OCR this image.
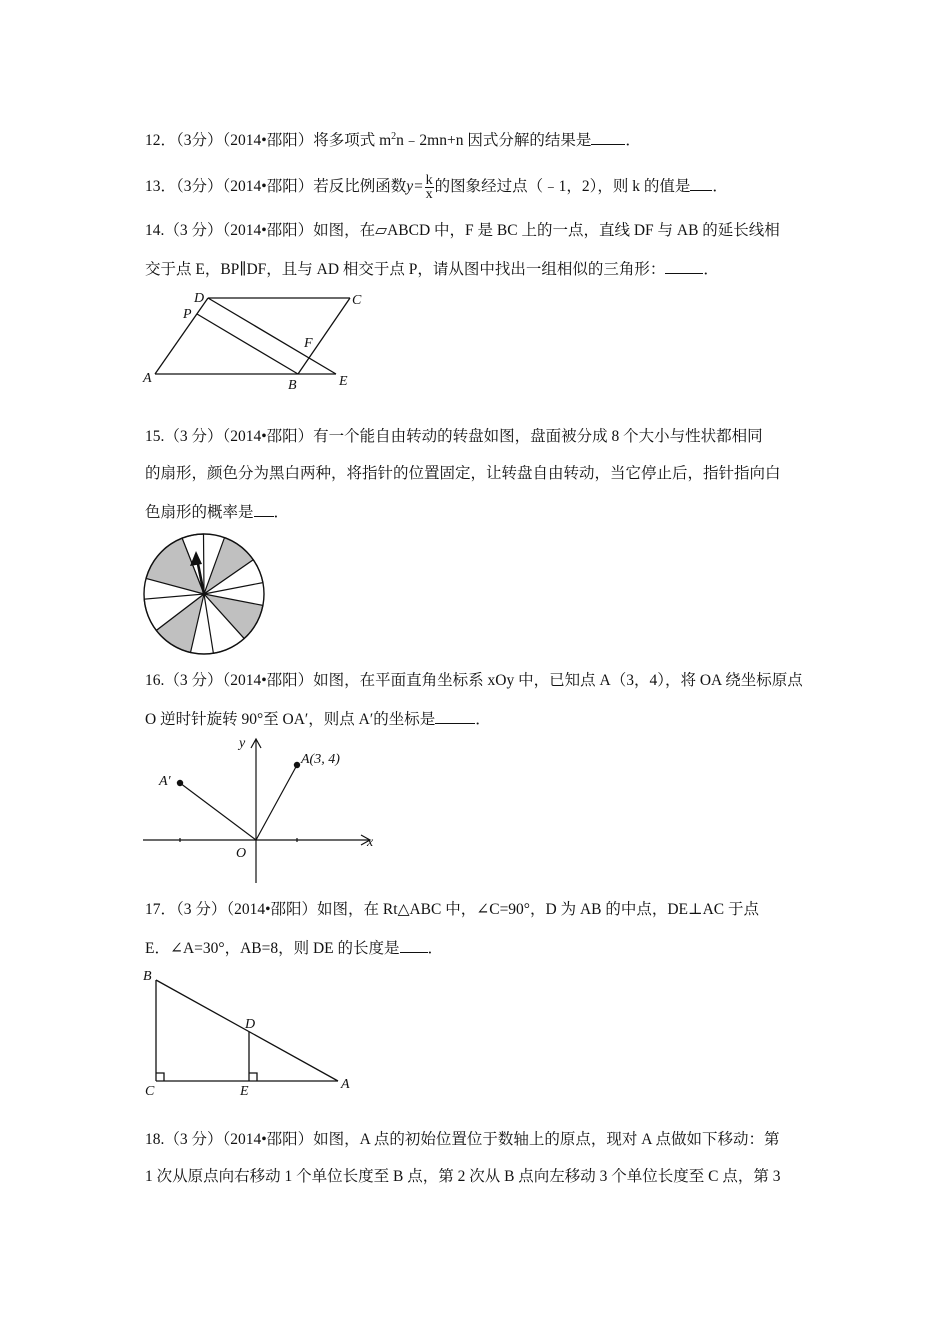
12．（3分）（2014•邵阳）将多项式 $m^2n﹣2mn+n$ 因式分解的结果是 ．
13．（3分）（2014•邵阳）若反比例函数$y= \frac{k}{x}$ 的图象经过点（﹣1，2），则 k 的值是 ．
14.（3 分）（2014•邵阳）如图，在▱ABCD 中，F 是 BC 上的一点，直线 DF 与 AB 的延长线相
交于点 E，BP∥DF，且与 AD 相交于点 P，请从图中找出一组相似的三角形： ．
D	C
P
F
A	B	E
15.（3 分）（2014•邵阳）有一个能自由转动的转盘如图，盘面被分成 8 个大小与性状都相同
的扇形，颜色分为黑白两种，将指针的位置固定，让转盘自由转动，当它停止后，指针指向白
色扇形的概率是 ．
16.（3 分）（2014•邵阳）如图，在平面直角坐标系 xOy 中，已知点 A（3，4），将 OA 绕坐标原点
O 逆时针旋转 90°至 OA′，则点 A′的坐标是	．
y
x
O
A(3, 4)
A′
17．（3 分）（2014•邵阳）如图，在 Rt△ABC 中，∠C=90°，D 为 AB 的中点，DE⊥AC 于点
E．∠A=30°，AB=8，则 DE 的长度是 ．
B
D
C	E	A
18.（3 分）（2014•邵阳）如图，A 点的初始位置位于数轴上的原点，现对 A 点做如下移动：第
1 次从原点向右移动 1 个单位长度至 B 点，第 2 次从 B 点向左移动 3 个单位长度至 C 点，第 3
